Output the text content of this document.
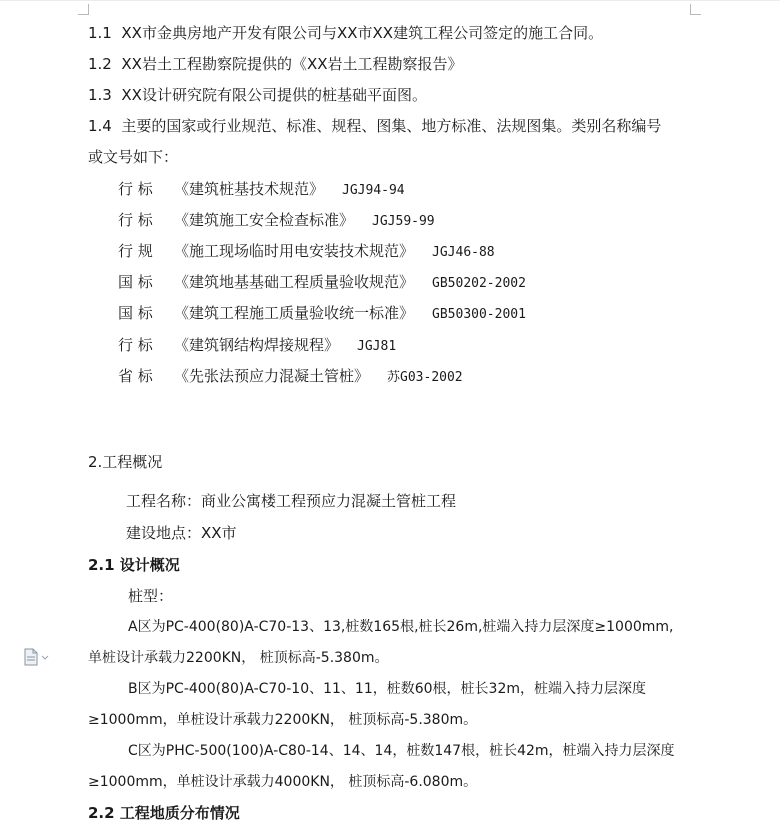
1.1 XX市金典房地产开发有限公司与XX市XX建筑工程公司签定的施工合同。
1.2 XX岩土工程勘察院提供的《XX岩土工程勘察报告》
1.3 XX设计研究院有限公司提供的桩基础平面图。
1.4 主要的国家或行业规范、标准、规程、图集、地方标准、法规图集。类别名称编号
或文号如下：
行 标 《建筑桩基技术规范》 JGJ94-94
行 标 《建筑施工安全检查标准》 JGJ59-99
行 规 《施工现场临时用电安装技术规范》 JGJ46-88
国 标 《建筑地基基础工程质量验收规范》 GB50202-2002
国 标 《建筑工程施工质量验收统一标准》 GB50300-2001
行 标 《建筑钢结构焊接规程》 JGJ81
省 标 《先张法预应力混凝土管桩》 苏G03-2002
2.工程概况
工程名称：商业公寓楼工程预应力混凝土管桩工程
建设地点：XX市
2.1 设计概况
桩型：
A区为PC-400(80)A-C70-13、13,桩数165根,桩长26m,桩端入持力层深度≥1000mm,
单桩设计承载力2200KN， 桩顶标高-5.380m。
B区为PC-400(80)A-C70-10、11、11，桩数60根，桩长32m，桩端入持力层深度
≥1000mm，单桩设计承载力2200KN， 桩顶标高-5.380m。
C区为PHC-500(100)A-C80-14、14、14，桩数147根，桩长42m，桩端入持力层深度
≥1000mm，单桩设计承载力4000KN， 桩顶标高-6.080m。
2.2 工程地质分布情况
